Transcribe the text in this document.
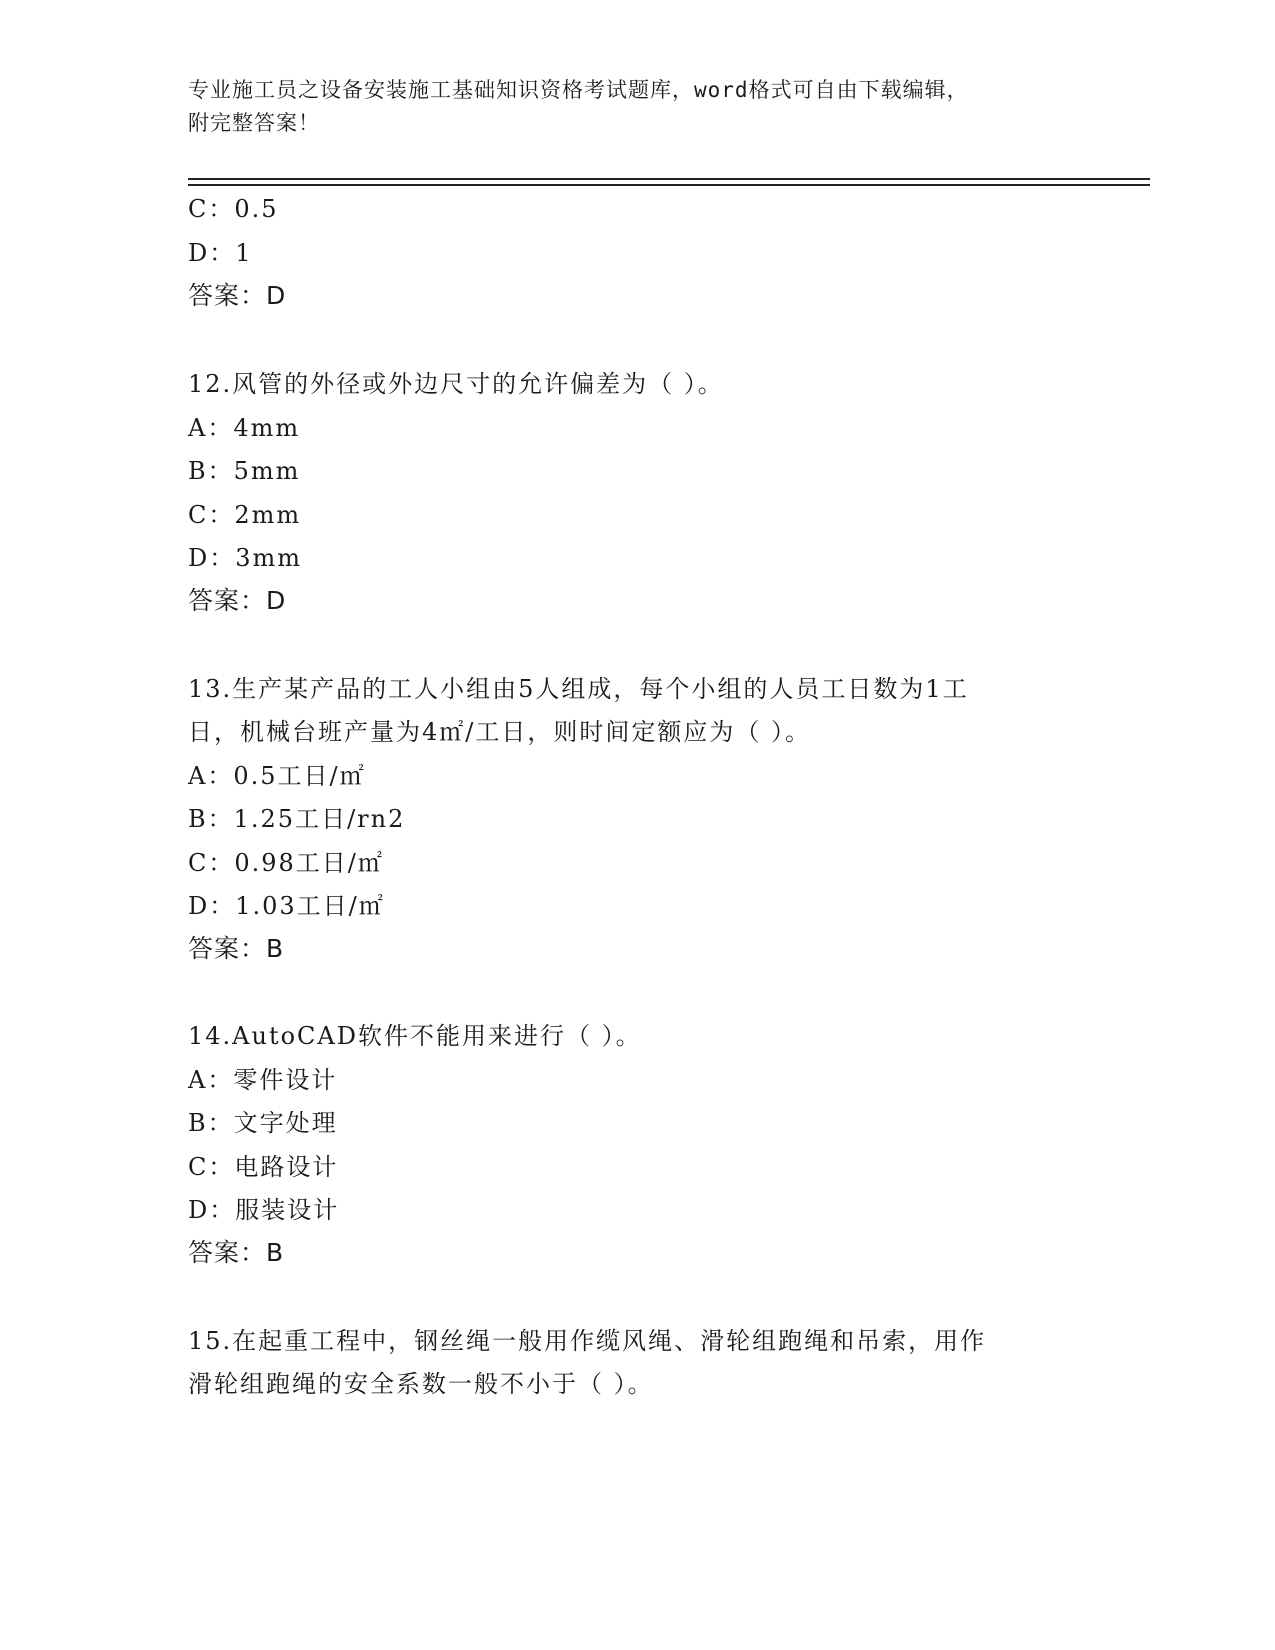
专业施工员之设备安装施工基础知识资格考试题库，word格式可自由下载编辑，
附完整答案！
C：0.5
D：1
答案：D
12.风管的外径或外边尺寸的允许偏差为（ ）。
A：4mm
B：5mm
C：2mm
D：3mm
答案：D
13.生产某产品的工人小组由5人组成，每个小组的人员工日数为1工
日，机械台班产量为4㎡/工日，则时间定额应为（ ）。
A：0.5工日/㎡
B：1.25工日/rn2
C：0.98工日/㎡
D：1.03工日/㎡
答案：B
14.AutoCAD软件不能用来进行（ ）。
A：零件设计
B：文字处理
C：电路设计
D：服装设计
答案：B
15.在起重工程中，钢丝绳一般用作缆风绳、滑轮组跑绳和吊索，用作
滑轮组跑绳的安全系数一般不小于（ ）。
